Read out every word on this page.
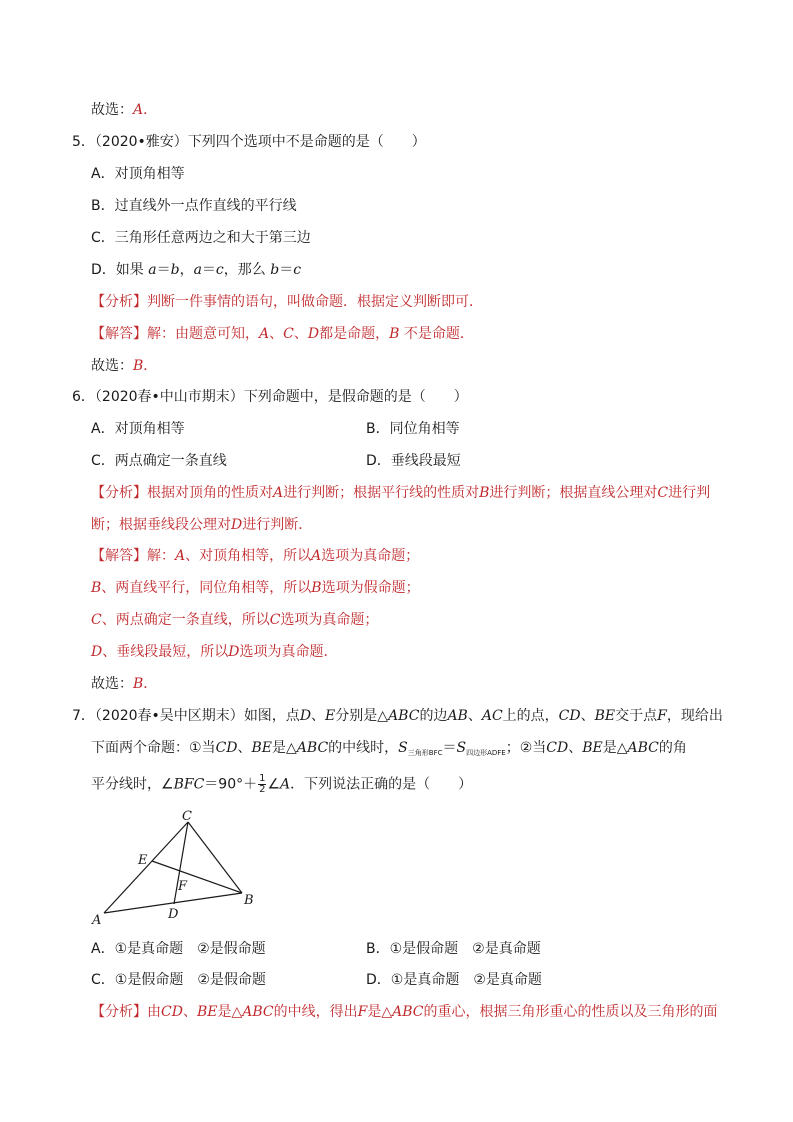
故选：A．
5．（2020•雅安）下列四个选项中不是命题的是（　　）
A．对顶角相等
B．过直线外一点作直线的平行线
C．三角形任意两边之和大于第三边
D．如果 a＝b，a＝c，那么 b＝c
【分析】判断一件事情的语句，叫做命题．根据定义判断即可．
【解答】解：由题意可知，A、C、D都是命题，B 不是命题．
故选：B．
6．（2020春•中山市期末）下列命题中，是假命题的是（　　）
A．对顶角相等	B．同位角相等
C．两点确定一条直线	D．垂线段最短
【分析】根据对顶角的性质对A进行判断；根据平行线的性质对B进行判断；根据直线公理对C进行判
断；根据垂线段公理对D进行判断．
【解答】解：A、对顶角相等，所以A选项为真命题；
B、两直线平行，同位角相等，所以B选项为假命题；
C、两点确定一条直线，所以C选项为真命题；
D、垂线段最短，所以D选项为真命题．
故选：B．
7．（2020春•吴中区期末）如图，点D、E分别是△ABC的边AB、AC上的点，CD、BE交于点F，现给出
下面两个命题：①当CD、BE是△ABC的中线时，$S_{三角形BFC}=S_{四边形ADFE}$；②当CD、BE是△ABC的角
平分线时，∠BFC＝90°＋ $\frac{1}{2}$ ∠A．下列说法正确的是（　　）
C
E
F
A	D
B
A．①是真命题　②是假命题	B．①是假命题　②是真命题
C．①是假命题　②是假命题	D．①是真命题　②是真命题
【分析】由CD、BE是△ABC的中线，得出F是△ABC的重心，根据三角形重心的性质以及三角形的面
